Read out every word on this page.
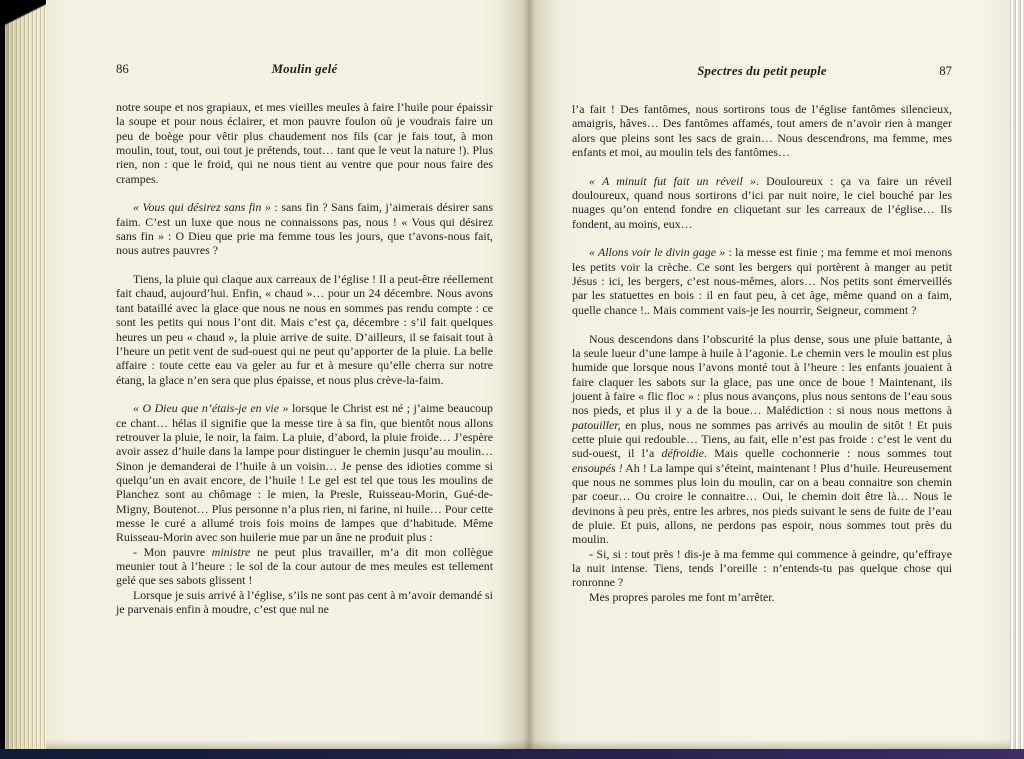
86	Moulin gelé

notre soupe et nos grapiaux, et mes vieilles meules à faire l’huile pour épaissir la soupe et pour nous éclairer, et mon pauvre foulon où je voudrais faire un peu de boège pour vêtir plus chaudement nos fils (car je fais tout, à mon moulin, tout, tout, oui tout je prétends, tout… tant que le veut la nature !). Plus rien, non : que le froid, qui ne nous tient au ventre que pour nous faire des crampes.

« Vous qui désirez sans fin » : sans fin ? Sans faim, j’aimerais désirer sans faim. C’est un luxe que nous ne connaissons pas, nous ! « Vous qui désirez sans fin » : O Dieu que prie ma femme tous les jours, que t’avons-nous fait, nous autres pauvres ?

Tiens, la pluie qui claque aux carreaux de l’église ! Il a peut-être réellement fait chaud, aujourd’hui. Enfin, « chaud »… pour un 24 décembre. Nous avons tant bataillé avec la glace que nous ne nous en sommes pas rendu compte : ce sont les petits qui nous l’ont dit. Mais c’est ça, décembre : s’il fait quelques heures un peu « chaud », la pluie arrive de suite. D’ailleurs, il se faisait tout à l’heure un petit vent de sud-ouest qui ne peut qu’apporter de la pluie. La belle affaire : toute cette eau va geler au fur et à mesure qu’elle cherra sur notre étang, la glace n’en sera que plus épaisse, et nous plus crève-la-faim.

« O Dieu que n’étais-je en vie » lorsque le Christ est né ; j’aime beaucoup ce chant… hélas il signifie que la messe tire à sa fin, que bientôt nous allons retrouver la pluie, le noir, la faim. La pluie, d’abord, la pluie froide… J’espère avoir assez d’huile dans la lampe pour distinguer le chemin jusqu’au moulin… Sinon je demanderai de l’huile à un voisin… Je pense des idioties comme si quelqu’un en avait encore, de l’huile ! Le gel est tel que tous les moulins de Planchez sont au chômage : le mien, la Presle, Ruisseau-Morin, Gué-de-Migny, Boutenot… Plus personne n’a plus rien, ni farine, ni huile… Pour cette messe le curé a allumé trois fois moins de lampes que d’habitude. Même Ruisseau-Morin avec son huilerie mue par un âne ne produit plus :

- Mon pauvre ministre ne peut plus travailler, m’a dit mon collègue meunier tout à l’heure : le sol de la cour autour de mes meules est tellement gelé que ses sabots glissent !

Lorsque je suis arrivé à l’église, s’ils ne sont pas cent à m’avoir demandé si je parvenais enfin à moudre, c’est que nul ne

Spectres du petit peuple	87

l’a fait ! Des fantômes, nous sortirons tous de l’église fantômes silencieux, amaigris, hâves… Des fantômes affamés, tout amers de n’avoir rien à manger alors que pleins sont les sacs de grain… Nous descendrons, ma femme, mes enfants et moi, au moulin tels des fantômes…

« A minuit fut fait un réveil ». Douloureux : ça va faire un réveil douloureux, quand nous sortirons d’ici par nuit noire, le ciel bouché par les nuages qu’on entend fondre en cliquetant sur les carreaux de l’église… Ils fondent, au moins, eux…

« Allons voir le divin gage » : la messe est finie ; ma femme et moi menons les petits voir la crèche. Ce sont les bergers qui portèrent à manger au petit Jésus : ici, les bergers, c’est nous-mêmes, alors… Nos petits sont émerveillés par les statuettes en bois : il en faut peu, à cet âge, même quand on a faim, quelle chance !.. Mais comment vais-je les nourrir, Seigneur, comment ?

Nous descendons dans l’obscurité la plus dense, sous une pluie battante, à la seule lueur d’une lampe à huile à l’agonie. Le chemin vers le moulin est plus humide que lorsque nous l’avons monté tout à l’heure : les enfants jouaient à faire claquer les sabots sur la glace, pas une once de boue ! Maintenant, ils jouent à faire « flic floc » : plus nous avançons, plus nous sentons de l’eau sous nos pieds, et plus il y a de la boue… Malédiction : si nous nous mettons à patouiller, en plus, nous ne sommes pas arrivés au moulin de sitôt ! Et puis cette pluie qui redouble… Tiens, au fait, elle n’est pas froide : c’est le vent du sud-ouest, il l’a défroidie. Mais quelle cochonnerie : nous sommes tout ensoupés ! Ah ! La lampe qui s’éteint, maintenant ! Plus d’huile. Heureusement que nous ne sommes plus loin du moulin, car on a beau connaitre son chemin par coeur… Ou croire le connaitre… Oui, le chemin doit être là… Nous le devinons à peu près, entre les arbres, nos pieds suivant le sens de fuite de l’eau de pluie. Et puis, allons, ne perdons pas espoir, nous sommes tout près du moulin.

- Si, si : tout près ! dis-je à ma femme qui commence à geindre, qu’effraye la nuit intense. Tiens, tends l’oreille : n’entends-tu pas quelque chose qui ronronne ?

Mes propres paroles me font m’arrêter.
